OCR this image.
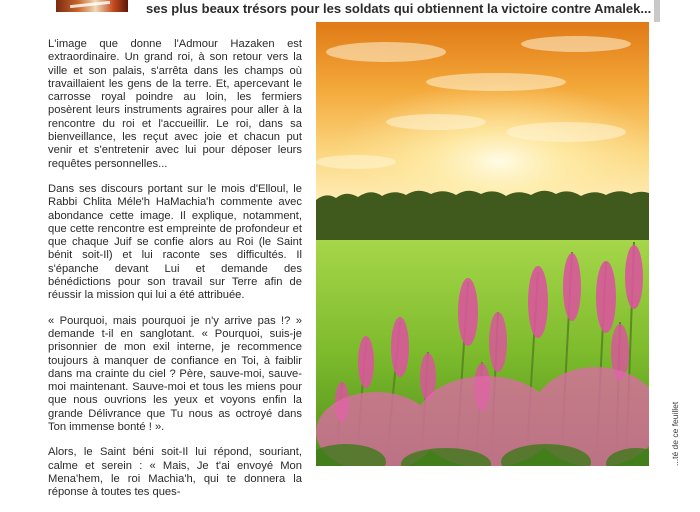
ses plus beaux trésors pour les soldats qui obtiennent la victoire contre Amalek...

L'image que donne l'Admour Hazaken est extraordinaire. Un grand roi, à son retour vers la ville et son palais, s'arrêta dans les champs où travaillaient les gens de la terre. Et, apercevant le carrosse royal poindre au loin, les fermiers posèrent leurs instruments agraires pour aller à la rencontre du roi et l'accueillir. Le roi, dans sa bienveillance, les reçut avec joie et chacun put venir et s'entretenir avec lui pour déposer leurs requêtes personnelles...

Dans ses discours portant sur le mois d'Elloul, le Rabbi Chlita Méle'h HaMachia'h commente avec abondance cette image. Il explique, notamment, que cette rencontre est empreinte de profondeur et que chaque Juif se confie alors au Roi (le Saint bénit soit-Il) et lui raconte ses difficultés. Il s'épanche devant Lui et demande des bénédictions pour son travail sur Terre afin de réussir la mission qui lui a été attribuée.

« Pourquoi, mais pourquoi je n'y arrive pas !? » demande t-il en sanglotant. « Pourquoi, suis-je prisonnier de mon exil interne, je recommence toujours à manquer de confiance en Toi, à faiblir dans ma crainte du ciel ? Père, sauve-moi, sauve-moi maintenant. Sauve-moi et tous les miens pour que nous ouvrions les yeux et voyons enfin la grande Délivrance que Tu nous as octroyé dans Ton immense bonté ! ».

Alors, le Saint béni soit-Il lui répond, souriant, calme et serein : « Mais, Je t'ai envoyé Mon Mena'hem, le roi Machia'h, qui te donnera la réponse à toutes tes ques-

...té de ce feuillet
